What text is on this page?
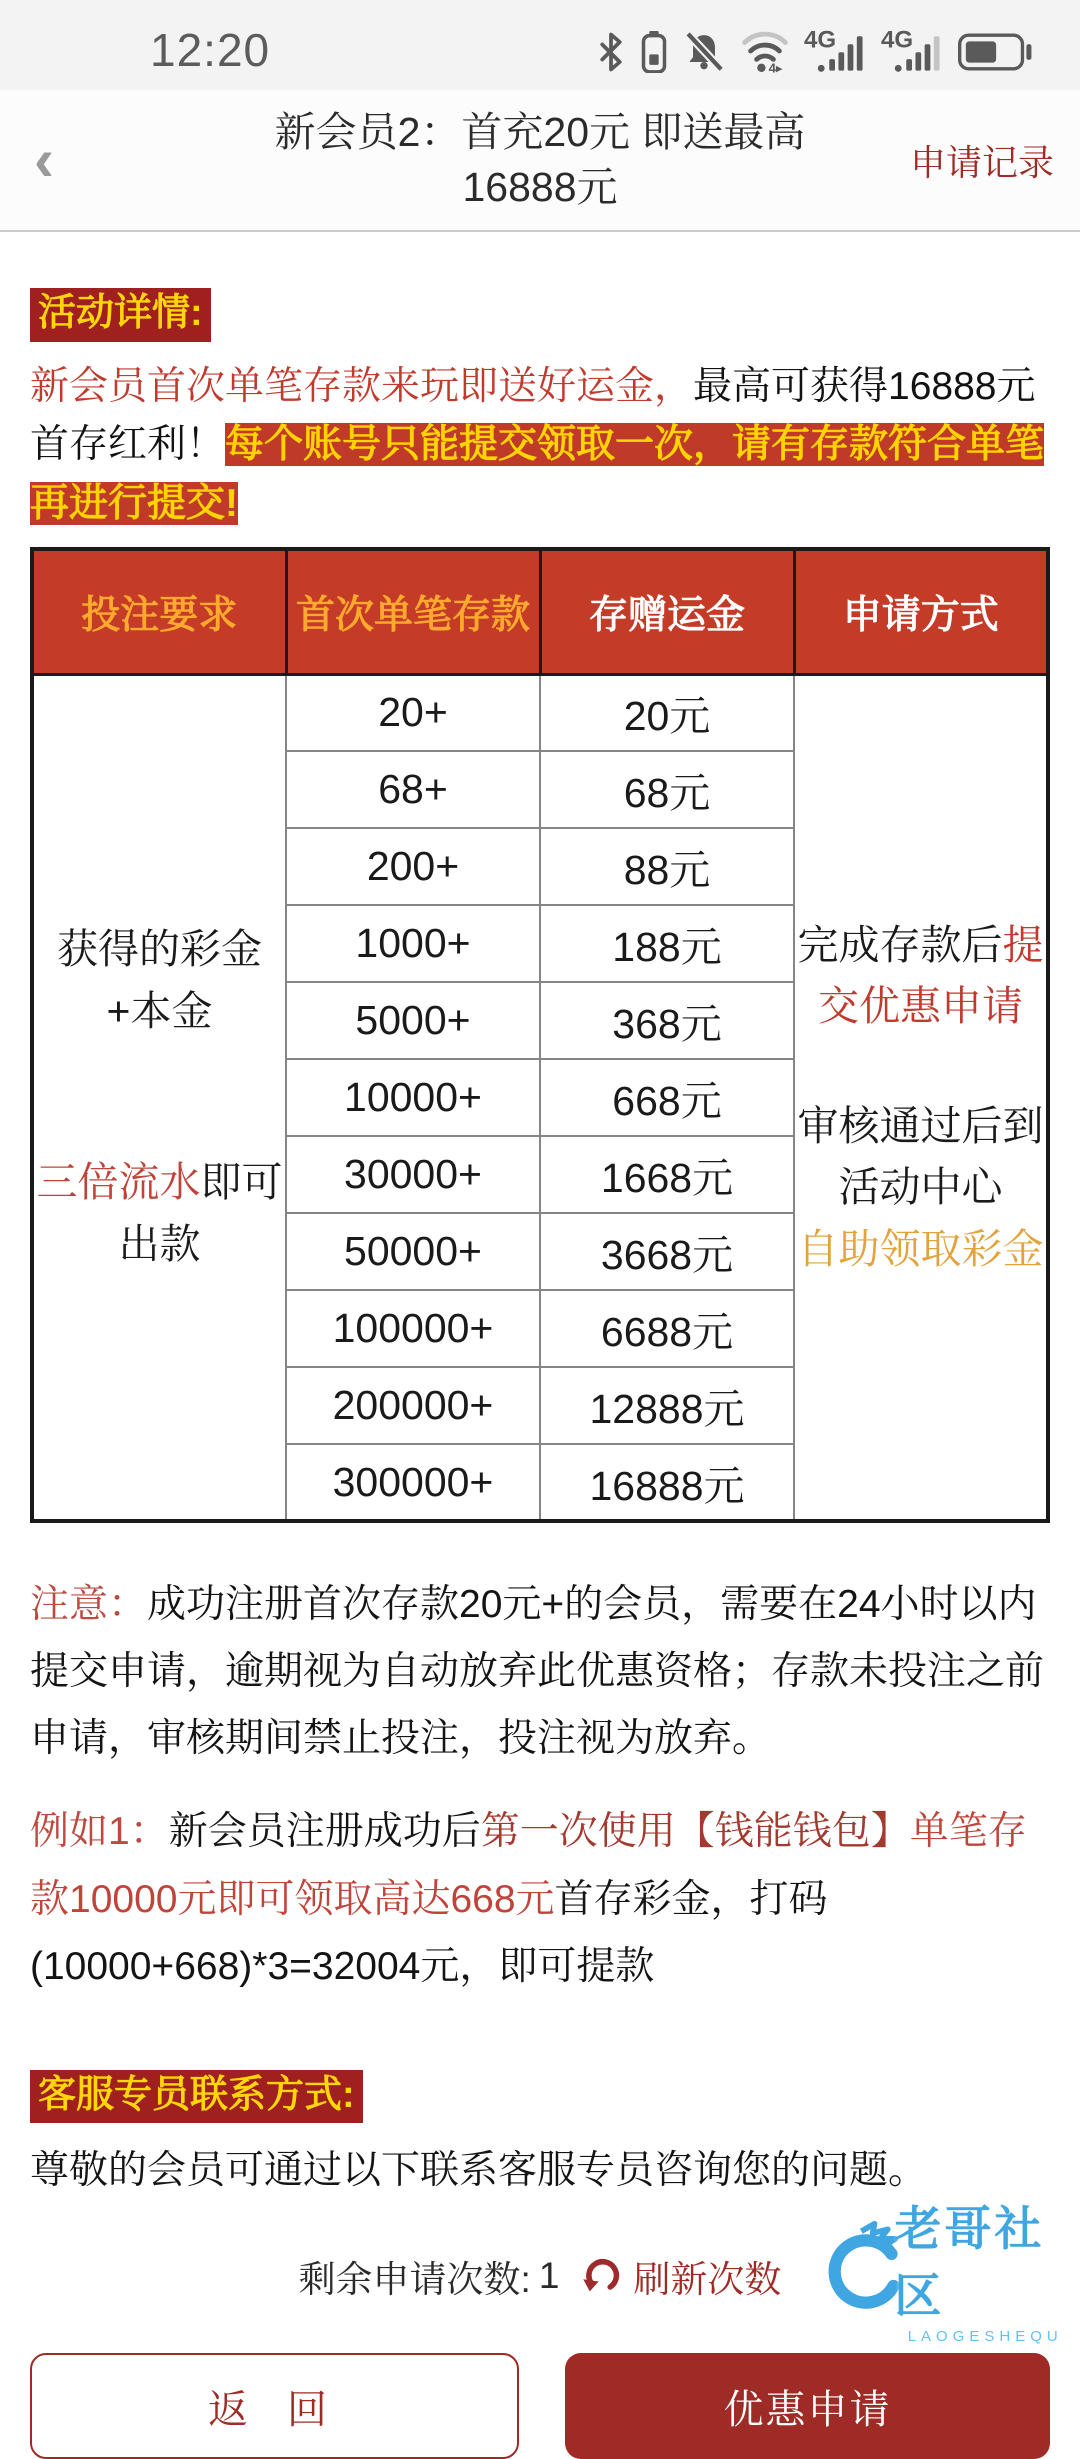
12:20	4▸
4G 4G
‹	新会员2：首充20元 即送最高 16888元
申请记录
活动详情:

新会员首次单笔存款来玩即送好运金，最高可获得16888元首存红利！每个账号只能提交领取一次，请有存款符合单笔再进行提交!

投注要求	首次单笔存款	存赠运金	申请方式

获得的彩金+本金
三倍流水即可出款
	20+	20元	
完成存款后提交优惠申请
审核通过后到活动中心
自助领取彩金

	68+	68元	
	200+	88元	
	1000+	188元	
	5000+	368元	
	10000+	668元	
	30000+	1668元	
	50000+	3668元	
	100000+	6688元	
	200000+	12888元	
	300000+	16888元	

注意：成功注册首次存款20元+的会员，需要在24小时以内提交申请，逾期视为自动放弃此优惠资格；存款未投注之前申请，审核期间禁止投注，投注视为放弃。

例如1：新会员注册成功后第一次使用【钱能钱包】单笔存款10000元即可领取高达668元首存彩金，打码(10000+668)*3=32004元，即可提款

客服专员联系方式:

尊敬的会员可通过以下联系客服专员咨询您的问题。

剩余申请次数: 1 刷新次数
返 回	优惠申请
老哥社区
LAOGESHEQU
